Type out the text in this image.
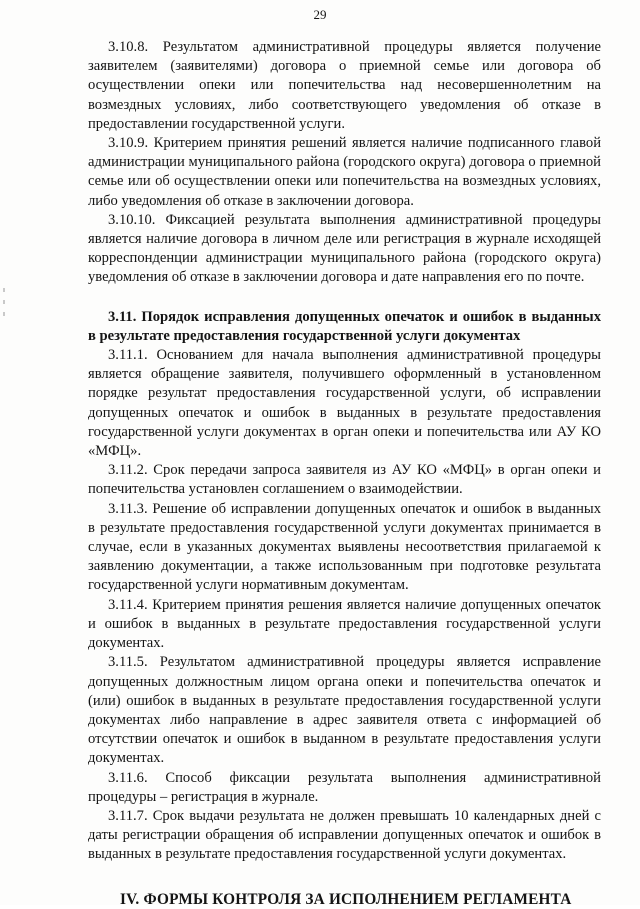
29

3.10.8. Результатом административной процедуры является получение заявителем (заявителями) договора о приемной семье или договора об осуществлении опеки или попечительства над несовершеннолетним на возмездных условиях, либо соответствующего уведомления об отказе в предоставлении государственной услуги.

3.10.9. Критерием принятия решений является наличие подписанного главой администрации муниципального района (городского округа) договора о приемной семье или об осуществлении опеки или попечительства на возмездных условиях, либо уведомления об отказе в заключении договора.

3.10.10. Фиксацией результата выполнения административной процедуры является наличие договора в личном деле или регистрация в журнале исходящей корреспонденции администрации муниципального района (городского округа) уведомления об отказе в заключении договора и дате направления его по почте.

3.11. Порядок исправления допущенных опечаток и ошибок в выданных в результате предоставления государственной услуги документах

3.11.1. Основанием для начала выполнения административной процедуры является обращение заявителя, получившего оформленный в установленном порядке результат предоставления государственной услуги, об исправлении допущенных опечаток и ошибок в выданных в результате предоставления государственной услуги документах в орган опеки и попечительства или АУ КО «МФЦ».

3.11.2. Срок передачи запроса заявителя из АУ КО «МФЦ» в орган опеки и попечительства установлен соглашением о взаимодействии.

3.11.3. Решение об исправлении допущенных опечаток и ошибок в выданных в результате предоставления государственной услуги документах принимается в случае, если в указанных документах выявлены несоответствия прилагаемой к заявлению документации, а также использованным при подготовке результата государственной услуги нормативным документам.

3.11.4. Критерием принятия решения является наличие допущенных опечаток и ошибок в выданных в результате предоставления государственной услуги документах.

3.11.5. Результатом административной процедуры является исправление допущенных должностным лицом органа опеки и попечительства опечаток и (или) ошибок в выданных в результате предоставления государственной услуги документах либо направление в адрес заявителя ответа с информацией об отсутствии опечаток и ошибок в выданном в результате предоставления услуги документах.

3.11.6. Способ фиксации результата выполнения административной процедуры – регистрация в журнале.

3.11.7. Срок выдачи результата не должен превышать 10 календарных дней с даты регистрации обращения об исправлении допущенных опечаток и ошибок в выданных в результате предоставления государственной услуги документах.

IV. ФОРМЫ КОНТРОЛЯ ЗА ИСПОЛНЕНИЕМ РЕГЛАМЕНТА
